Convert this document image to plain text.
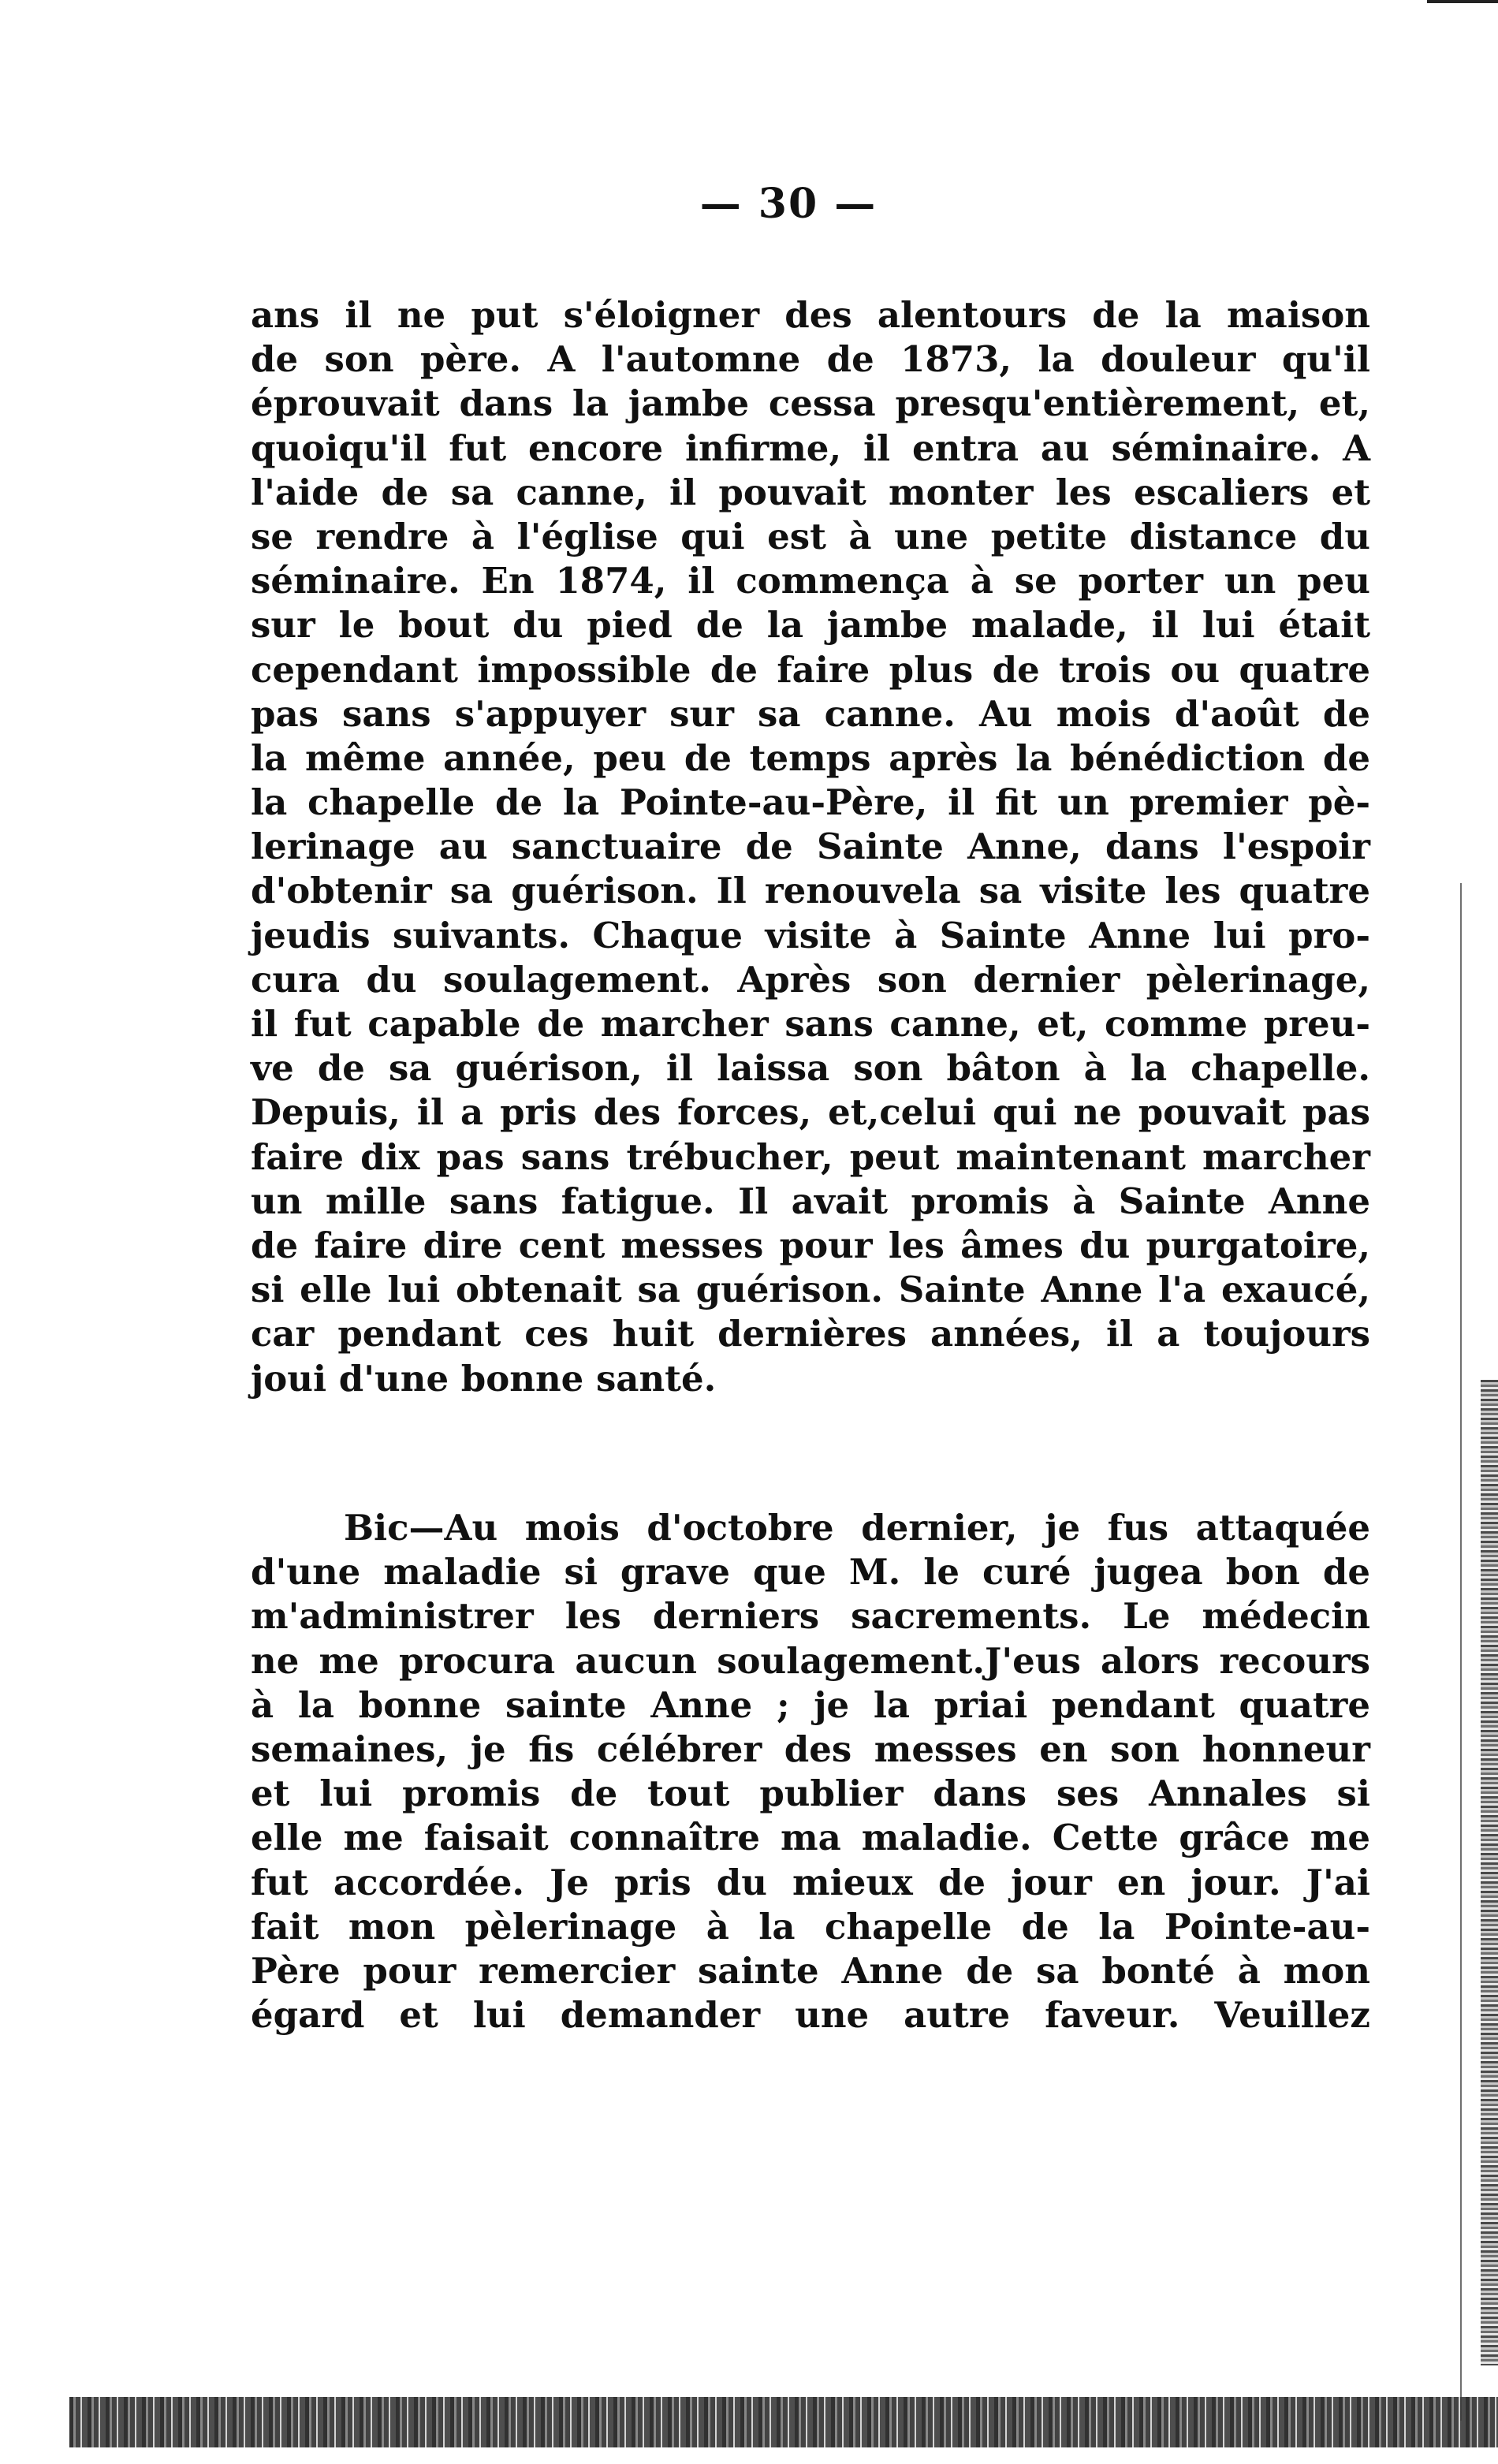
— 30 —
ans il ne put s'éloigner des alentours de la maison
de son père. A l'automne de 1873, la douleur qu'il
éprouvait dans la jambe cessa presqu'entièrement, et,
quoiqu'il fut encore infirme, il entra au séminaire. A
l'aide de sa canne, il pouvait monter les escaliers et
se rendre à l'église qui est à une petite distance du
séminaire. En 1874, il commença à se porter un peu
sur le bout du pied de la jambe malade, il lui était
cependant impossible de faire plus de trois ou quatre
pas sans s'appuyer sur sa canne. Au mois d'août de
la même année, peu de temps après la bénédiction de
la chapelle de la Pointe-au-Père, il fit un premier pè-
lerinage au sanctuaire de Sainte Anne, dans l'espoir
d'obtenir sa guérison. Il renouvela sa visite les quatre
jeudis suivants. Chaque visite à Sainte Anne lui pro-
cura du soulagement. Après son dernier pèlerinage,
il fut capable de marcher sans canne, et, comme preu-
ve de sa guérison, il laissa son bâton à la chapelle.
Depuis, il a pris des forces, et,celui qui ne pouvait pas
faire dix pas sans trébucher, peut maintenant marcher
un mille sans fatigue. Il avait promis à Sainte Anne
de faire dire cent messes pour les âmes du purgatoire,
si elle lui obtenait sa guérison. Sainte Anne l'a exaucé,
car pendant ces huit dernières années, il a toujours
joui d'une bonne santé.
Bic—Au mois d'octobre dernier, je fus attaquée
d'une maladie si grave que M. le curé jugea bon de
m'administrer les derniers sacrements. Le médecin
ne me procura aucun soulagement.J'eus alors recours
à la bonne sainte Anne ; je la priai pendant quatre
semaines, je fis célébrer des messes en son honneur
et lui promis de tout publier dans ses Annales si
elle me faisait connaître ma maladie. Cette grâce me
fut accordée. Je pris du mieux de jour en jour. J'ai
fait mon pèlerinage à la chapelle de la Pointe-au-
Père pour remercier sainte Anne de sa bonté à mon
égard et lui demander une autre faveur. Veuillez
